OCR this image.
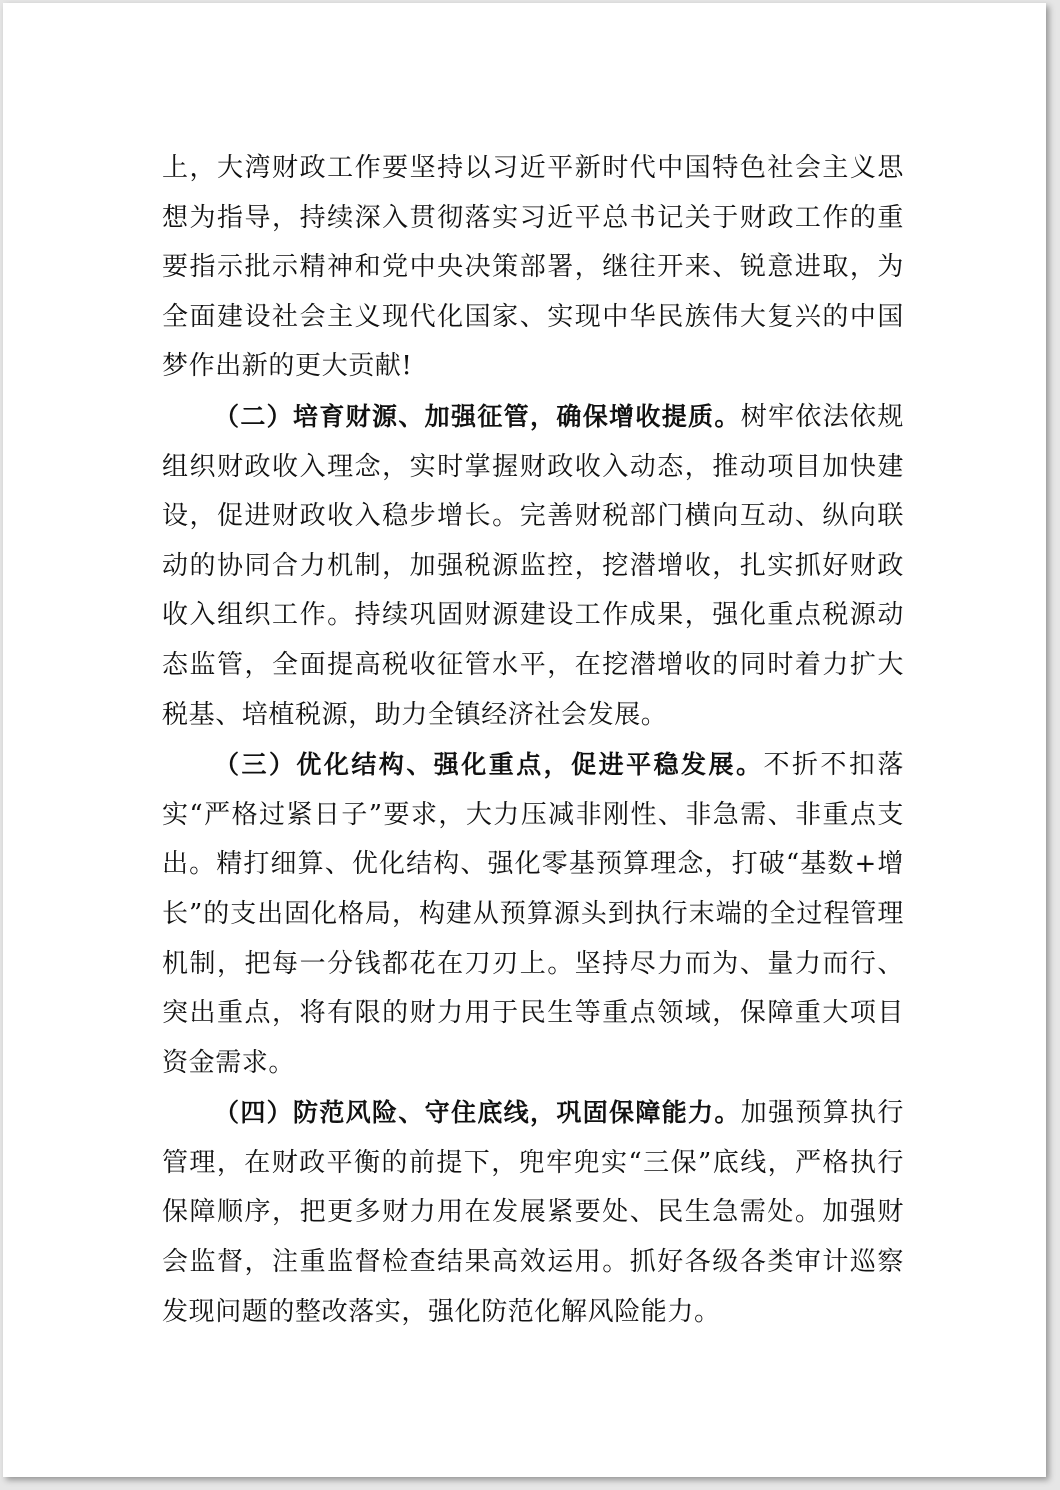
上，大湾财政工作要坚持以习近平新时代中国特色社会主义思想为指导，持续深入贯彻落实习近平总书记关于财政工作的重要指示批示精神和党中央决策部署，继往开来、锐意进取，为全面建设社会主义现代化国家、实现中华民族伟大复兴的中国梦作出新的更大贡献!

（二）培育财源、加强征管，确保增收提质。树牢依法依规组织财政收入理念，实时掌握财政收入动态，推动项目加快建设，促进财政收入稳步增长。完善财税部门横向互动、纵向联动的协同合力机制，加强税源监控，挖潜增收，扎实抓好财政收入组织工作。持续巩固财源建设工作成果，强化重点税源动态监管，全面提高税收征管水平，在挖潜增收的同时着力扩大税基、培植税源，助力全镇经济社会发展。

（三）优化结构、强化重点，促进平稳发展。不折不扣落实“严格过紧日子”要求，大力压减非刚性、非急需、非重点支出。精打细算、优化结构、强化零基预算理念，打破“基数+增长”的支出固化格局，构建从预算源头到执行末端的全过程管理机制，把每一分钱都花在刀刃上。坚持尽力而为、量力而行、突出重点，将有限的财力用于民生等重点领域，保障重大项目资金需求。

（四）防范风险、守住底线，巩固保障能力。加强预算执行管理，在财政平衡的前提下，兜牢兜实“三保”底线，严格执行保障顺序，把更多财力用在发展紧要处、民生急需处。加强财会监督，注重监督检查结果高效运用。抓好各级各类审计巡察发现问题的整改落实，强化防范化解风险能力。
